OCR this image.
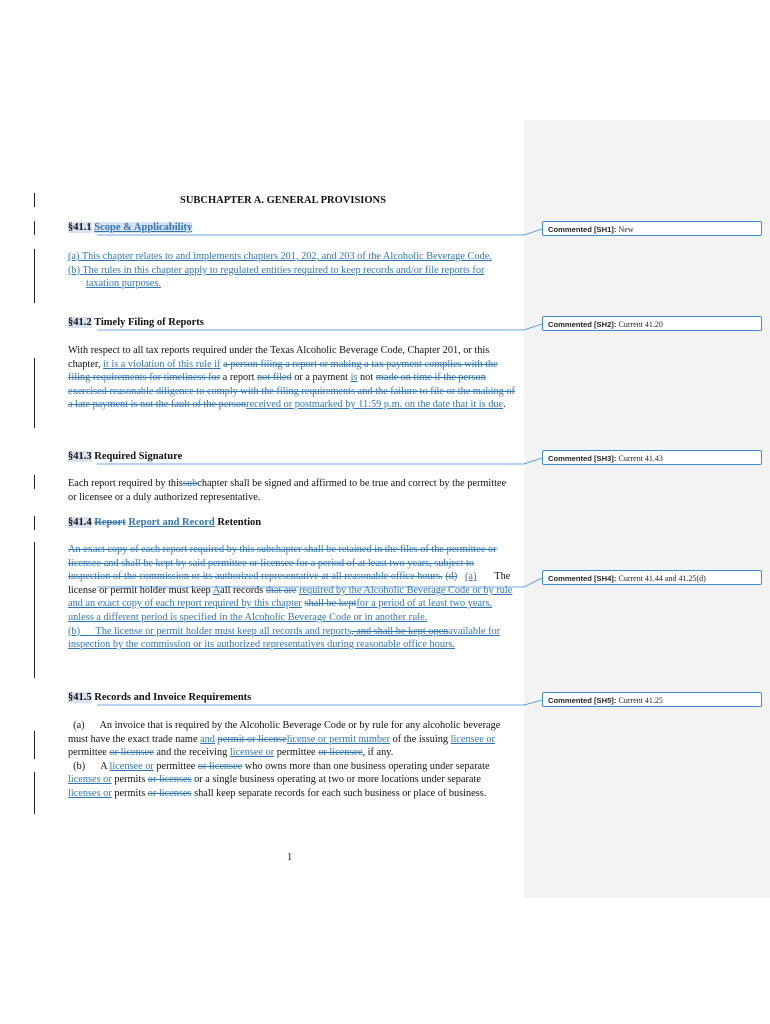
SUBCHAPTER A. GENERAL PROVISIONS
§41.1 Scope & Applicability
(a) This chapter relates to and implements chapters 201, 202, and 203 of the Alcoholic Beverage Code.
(b) The rules in this chapter apply to regulated entities required to keep records and/or file reports for taxation purposes.
§41.2 Timely Filing of Reports
With respect to all tax reports required under the Texas Alcoholic Beverage Code, Chapter 201, or this chapter, it is a violation of this rule if a person filing a report or making a tax payment complies with the filing requirements for timeliness for a report not filed or a payment is not made on time if the person exercised reasonable diligence to comply with the filing requirements and the failure to file or the making of a late payment is not the fault of the personreceived or postmarked by 11:59 p.m. on the date that it is due.
§41.3 Required Signature
Each report required by thissubchapter shall be signed and affirmed to be true and correct by the permittee or licensee or a duly authorized representative.
§41.4 Report Report and Record Retention
An exact copy of each report required by this subchapter shall be retained in the files of the permittee or licensee and shall be kept by said permittee or licensee for a period of at least two years, subject to inspection of the commission or its authorized representative at all reasonable office hours. (d) (a) The license or permit holder must keep Aall records that are required by the Alcoholic Beverage Code or by rule and an exact copy of each report required by this chapter shall be keptfor a period of at least two years, unless a different period is specified in the Alcoholic Beverage Code or in another rule.
(b) The license or permit holder must keep all records and reports, and shall be kept openavailable for inspection by the commission or its authorized representatives during reasonable office hours.
§41.5 Records and Invoice Requirements
(a) An invoice that is required by the Alcoholic Beverage Code or by rule for any alcoholic beverage must have the exact trade name and permit or licenselicense or permit number of the issuing licensee or permittee or licensee and the receiving licensee or permittee or licensee, if any.
(b) A licensee or permittee or licensee who owns more than one business operating under separate licenses or permits or licenses or a single business operating at two or more locations under separate licenses or permits or licenses shall keep separate records for each such business or place of business.
1
Commented [SH1]: New
Commented [SH2]: Current 41.20
Commented [SH3]: Current 41.43
Commented [SH4]: Current 41.44 and 41.25(d)
Commented [SH5]: Current 41.25
